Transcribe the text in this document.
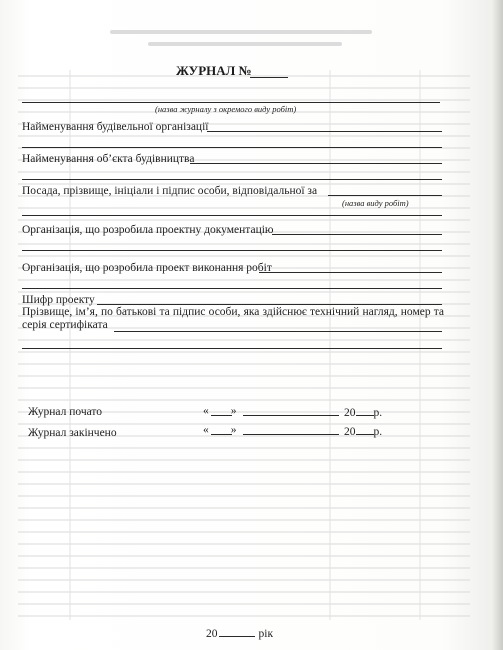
ЖУРНАЛ №
(назва журналу з окремого виду робіт)
Найменування будівельної організації
Найменування об’єкта будівництва
Посада, прізвище, ініціали і підпис особи, відповідальної за
(назва виду робіт)
Організація, що розробила проектну документацію
Організація, що розробила проект виконання робіт
Шифр проекту
Прізвище, ім’я, по батькові та підпис особи, яка здійснює технічний нагляд, номер та серія сертифіката
Журнал почато	« »	20 р.
Журнал закінчено	« »	20 р.
20	рік
